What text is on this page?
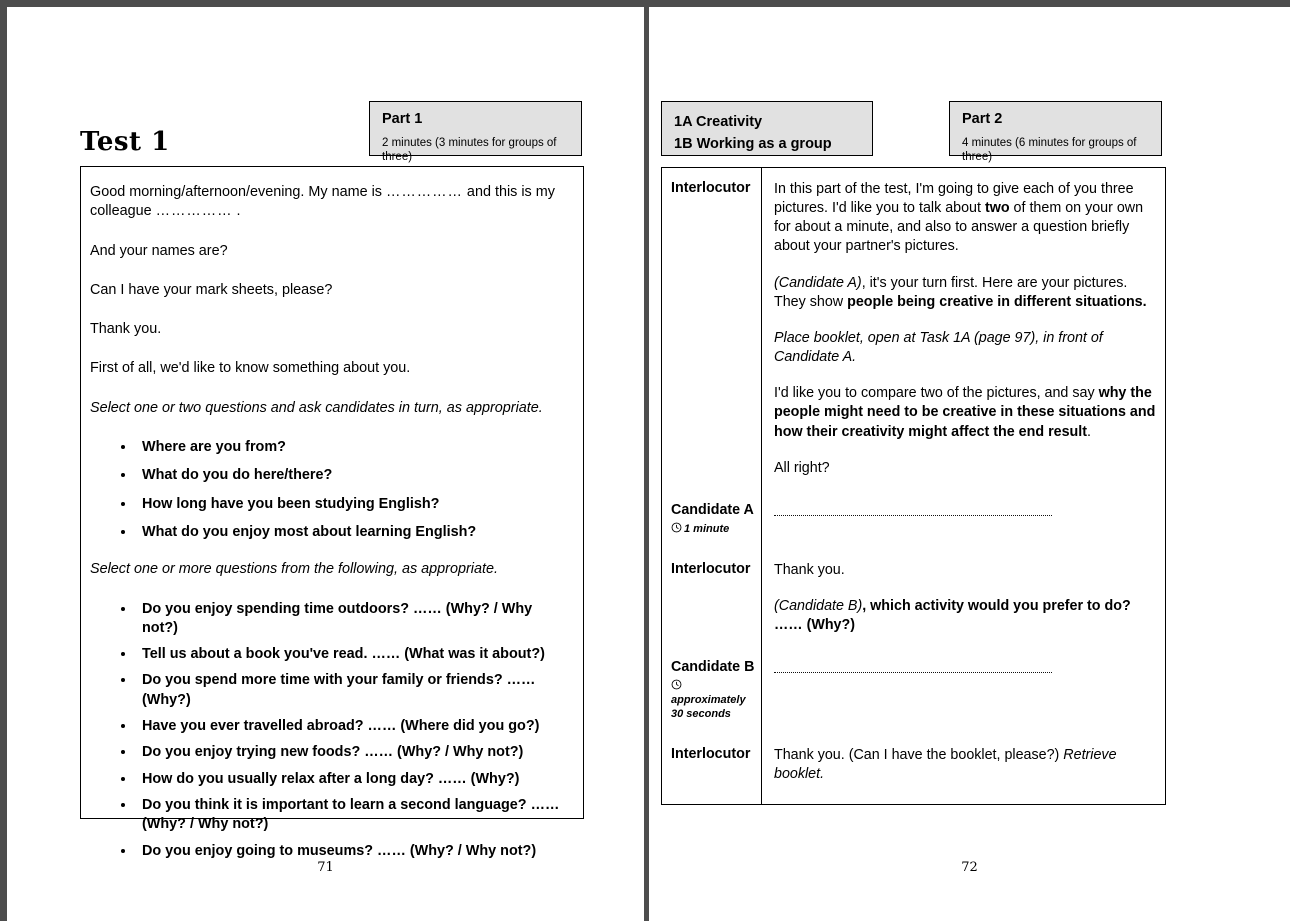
Test 1
Part 1
2 minutes (3 minutes for groups of three)

Good morning/afternoon/evening. My name is …………… and this is my colleague …………… .

And your names are?

Can I have your mark sheets, please?

Thank you.

First of all, we'd like to know something about you.

Select one or two questions and ask candidates in turn, as appropriate.

• Where are you from?
• What do you do here/there?
• How long have you been studying English?
• What do you enjoy most about learning English?

Select one or more questions from the following, as appropriate.

• Do you enjoy spending time outdoors? …… (Why? / Why not?)
• Tell us about a book you've read. …… (What was it about?)
• Do you spend more time with your family or friends? …… (Why?)
• Have you ever travelled abroad? …… (Where did you go?)
• Do you enjoy trying new foods? …… (Why? / Why not?)
• How do you usually relax after a long day? …… (Why?)
• Do you think it is important to learn a second language? …… (Why? / Why not?)
• Do you enjoy going to museums? …… (Why? / Why not?)
71
1A Creativity
1B Working as a group
Part 2
4 minutes (6 minutes for groups of three)
Interlocutor	In this part of the test, I'm going to give each of you three pictures. I'd like you to talk about two of them on your own for about a minute, and also to answer a question briefly about your partner's pictures.

(Candidate A), it's your turn first. Here are your pictures. They show people being creative in different situations.

Place booklet, open at Task 1A (page 97), in front of Candidate A.

I'd like you to compare two of the pictures, and say why the people might need to be creative in these situations and how their creativity might affect the end result.

All right?

Candidate A
1 minute	

Interlocutor	Thank you.

(Candidate B), which activity would you prefer to do? …… (Why?)

Candidate B
approximately
30 seconds	

Interlocutor	Thank you. (Can I have the booklet, please?) Retrieve booklet.

72
